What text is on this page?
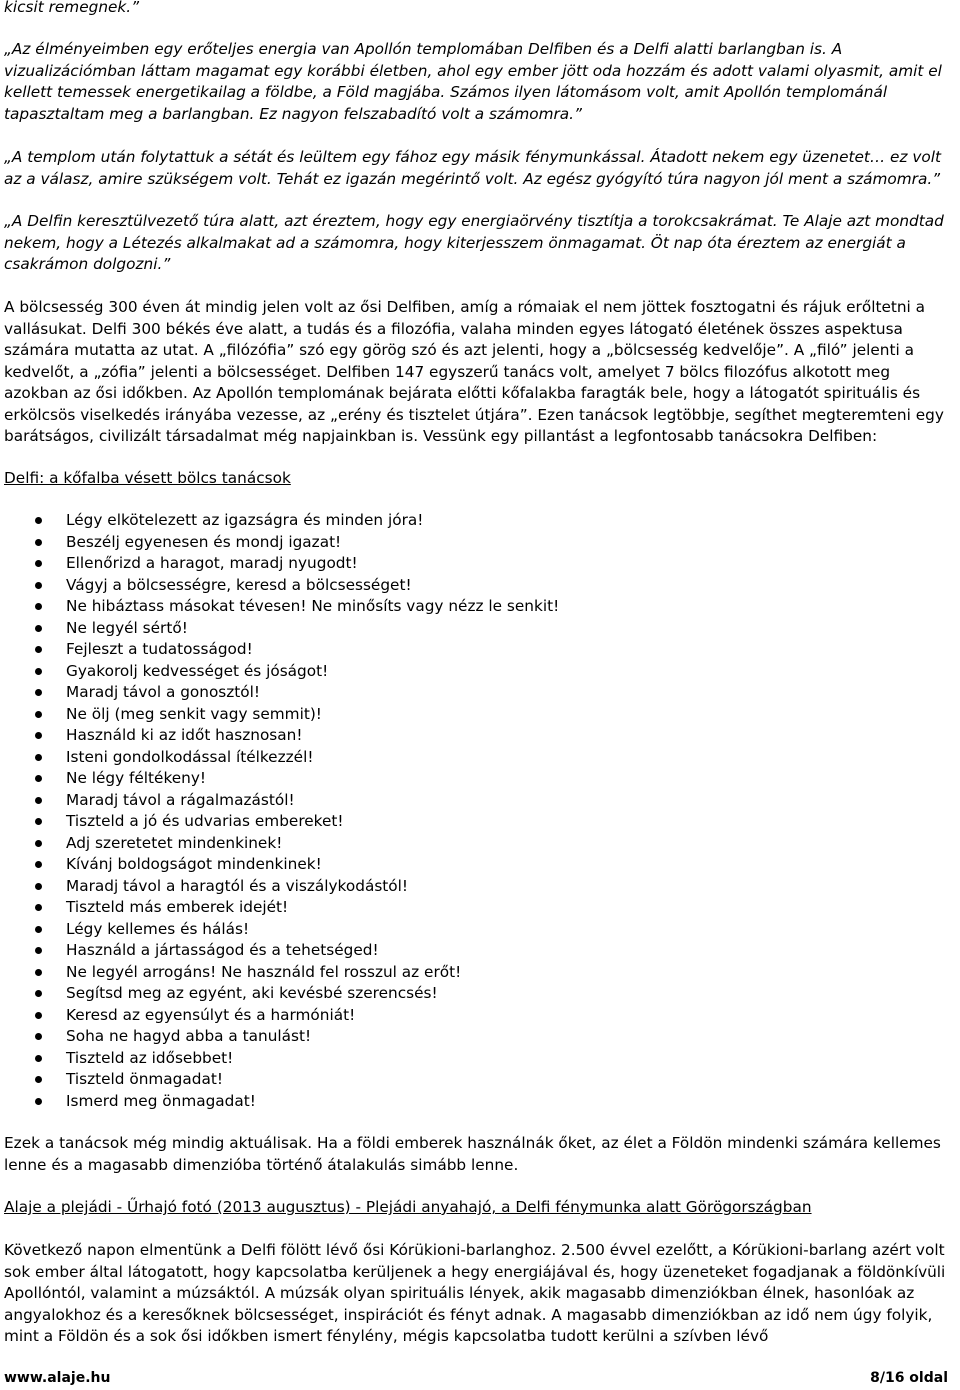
kicsit remegnek.”

„Az élményeimben egy erőteljes energia van Apollón templomában Delfiben és a Delfi alatti barlangban is. A vizualizációmban láttam magamat egy korábbi életben, ahol egy ember jött oda hozzám és adott valami olyasmit, amit el kellett temessek energetikailag a földbe, a Föld magjába. Számos ilyen látomásom volt, amit Apollón templománál tapasztaltam meg a barlangban. Ez nagyon felszabadító volt a számomra.”

„A templom után folytattuk a sétát és leültem egy fához egy másik fénymunkással. Átadott nekem egy üzenetet… ez volt az a válasz, amire szükségem volt. Tehát ez igazán megérintő volt. Az egész gyógyító túra nagyon jól ment a számomra.”

„A Delfin keresztülvezető túra alatt, azt éreztem, hogy egy energiaörvény tisztítja a torokcsakrámat. Te Alaje azt mondtad nekem, hogy a Létezés alkalmakat ad a számomra, hogy kiterjesszem önmagamat. Öt nap óta éreztem az energiát a csakrámon dolgozni.”

A bölcsesség 300 éven át mindig jelen volt az ősi Delfiben, amíg a rómaiak el nem jöttek fosztogatni és rájuk erőltetni a vallásukat. Delfi 300 békés éve alatt, a tudás és a filozófia, valaha minden egyes látogató életének összes aspektusa számára mutatta az utat. A „filózófia” szó egy görög szó és azt jelenti, hogy a „bölcsesség kedvelője”. A „filó” jelenti a kedvelőt, a „zófia” jelenti a bölcsességet. Delfiben 147 egyszerű tanács volt, amelyet 7 bölcs filozófus alkotott meg azokban az ősi időkben. Az Apollón templomának bejárata előtti kőfalakba faragták bele, hogy a látogatót spirituális és erkölcsös viselkedés irányába vezesse, az „erény és tisztelet útjára”. Ezen tanácsok legtöbbje, segíthet megteremteni egy barátságos, civilizált társadalmat még napjainkban is. Vessünk egy pillantást a legfontosabb tanácsokra Delfiben:

Delfi: a kőfalba vésett bölcs tanácsok

Légy elkötelezett az igazságra és minden jóra!
Beszélj egyenesen és mondj igazat!
Ellenőrizd a haragot, maradj nyugodt!
Vágyj a bölcsességre, keresd a bölcsességet!
Ne hibáztass másokat tévesen! Ne minősíts vagy nézz le senkit!
Ne legyél sértő!
Fejleszt a tudatosságod!
Gyakorolj kedvességet és jóságot!
Maradj távol a gonosztól!
Ne ölj (meg senkit vagy semmit)!
Használd ki az időt hasznosan!
Isteni gondolkodással ítélkezzél!
Ne légy féltékeny!
Maradj távol a rágalmazástól!
Tiszteld a jó és udvarias embereket!
Adj szeretetet mindenkinek!
Kívánj boldogságot mindenkinek!
Maradj távol a haragtól és a viszálykodástól!
Tiszteld más emberek idejét!
Légy kellemes és hálás!
Használd a jártasságod és a tehetséged!
Ne legyél arrogáns! Ne használd fel rosszul az erőt!
Segítsd meg az egyént, aki kevésbé szerencsés!
Keresd az egyensúlyt és a harmóniát!
Soha ne hagyd abba a tanulást!
Tiszteld az idősebbet!
Tiszteld önmagadat!
Ismerd meg önmagadat!

Ezek a tanácsok még mindig aktuálisak. Ha a földi emberek használnák őket, az élet a Földön mindenki számára kellemes lenne és a magasabb dimenzióba történő átalakulás simább lenne.

Alaje a plejádi - Űrhajó fotó (2013 augusztus) - Plejádi anyahajó, a Delfi fénymunka alatt Görögországban

Következő napon elmentünk a Delfi fölött lévő ősi Kórükioni-barlanghoz. 2.500 évvel ezelőtt, a Kórükioni-barlang azért volt sok ember által látogatott, hogy kapcsolatba kerüljenek a hegy energiájával és, hogy üzeneteket fogadjanak a földönkívüli Apollóntól, valamint a múzsáktól. A múzsák olyan spirituális lények, akik magasabb dimenziókban élnek, hasonlóak az angyalokhoz és a keresőknek bölcsességet, inspirációt és fényt adnak. A magasabb dimenziókban az idő nem úgy folyik, mint a Földön és a sok ősi időkben ismert fénylény, mégis kapcsolatba tudott kerülni a szívben lévő

www.alaje.hu	8/16 oldal
